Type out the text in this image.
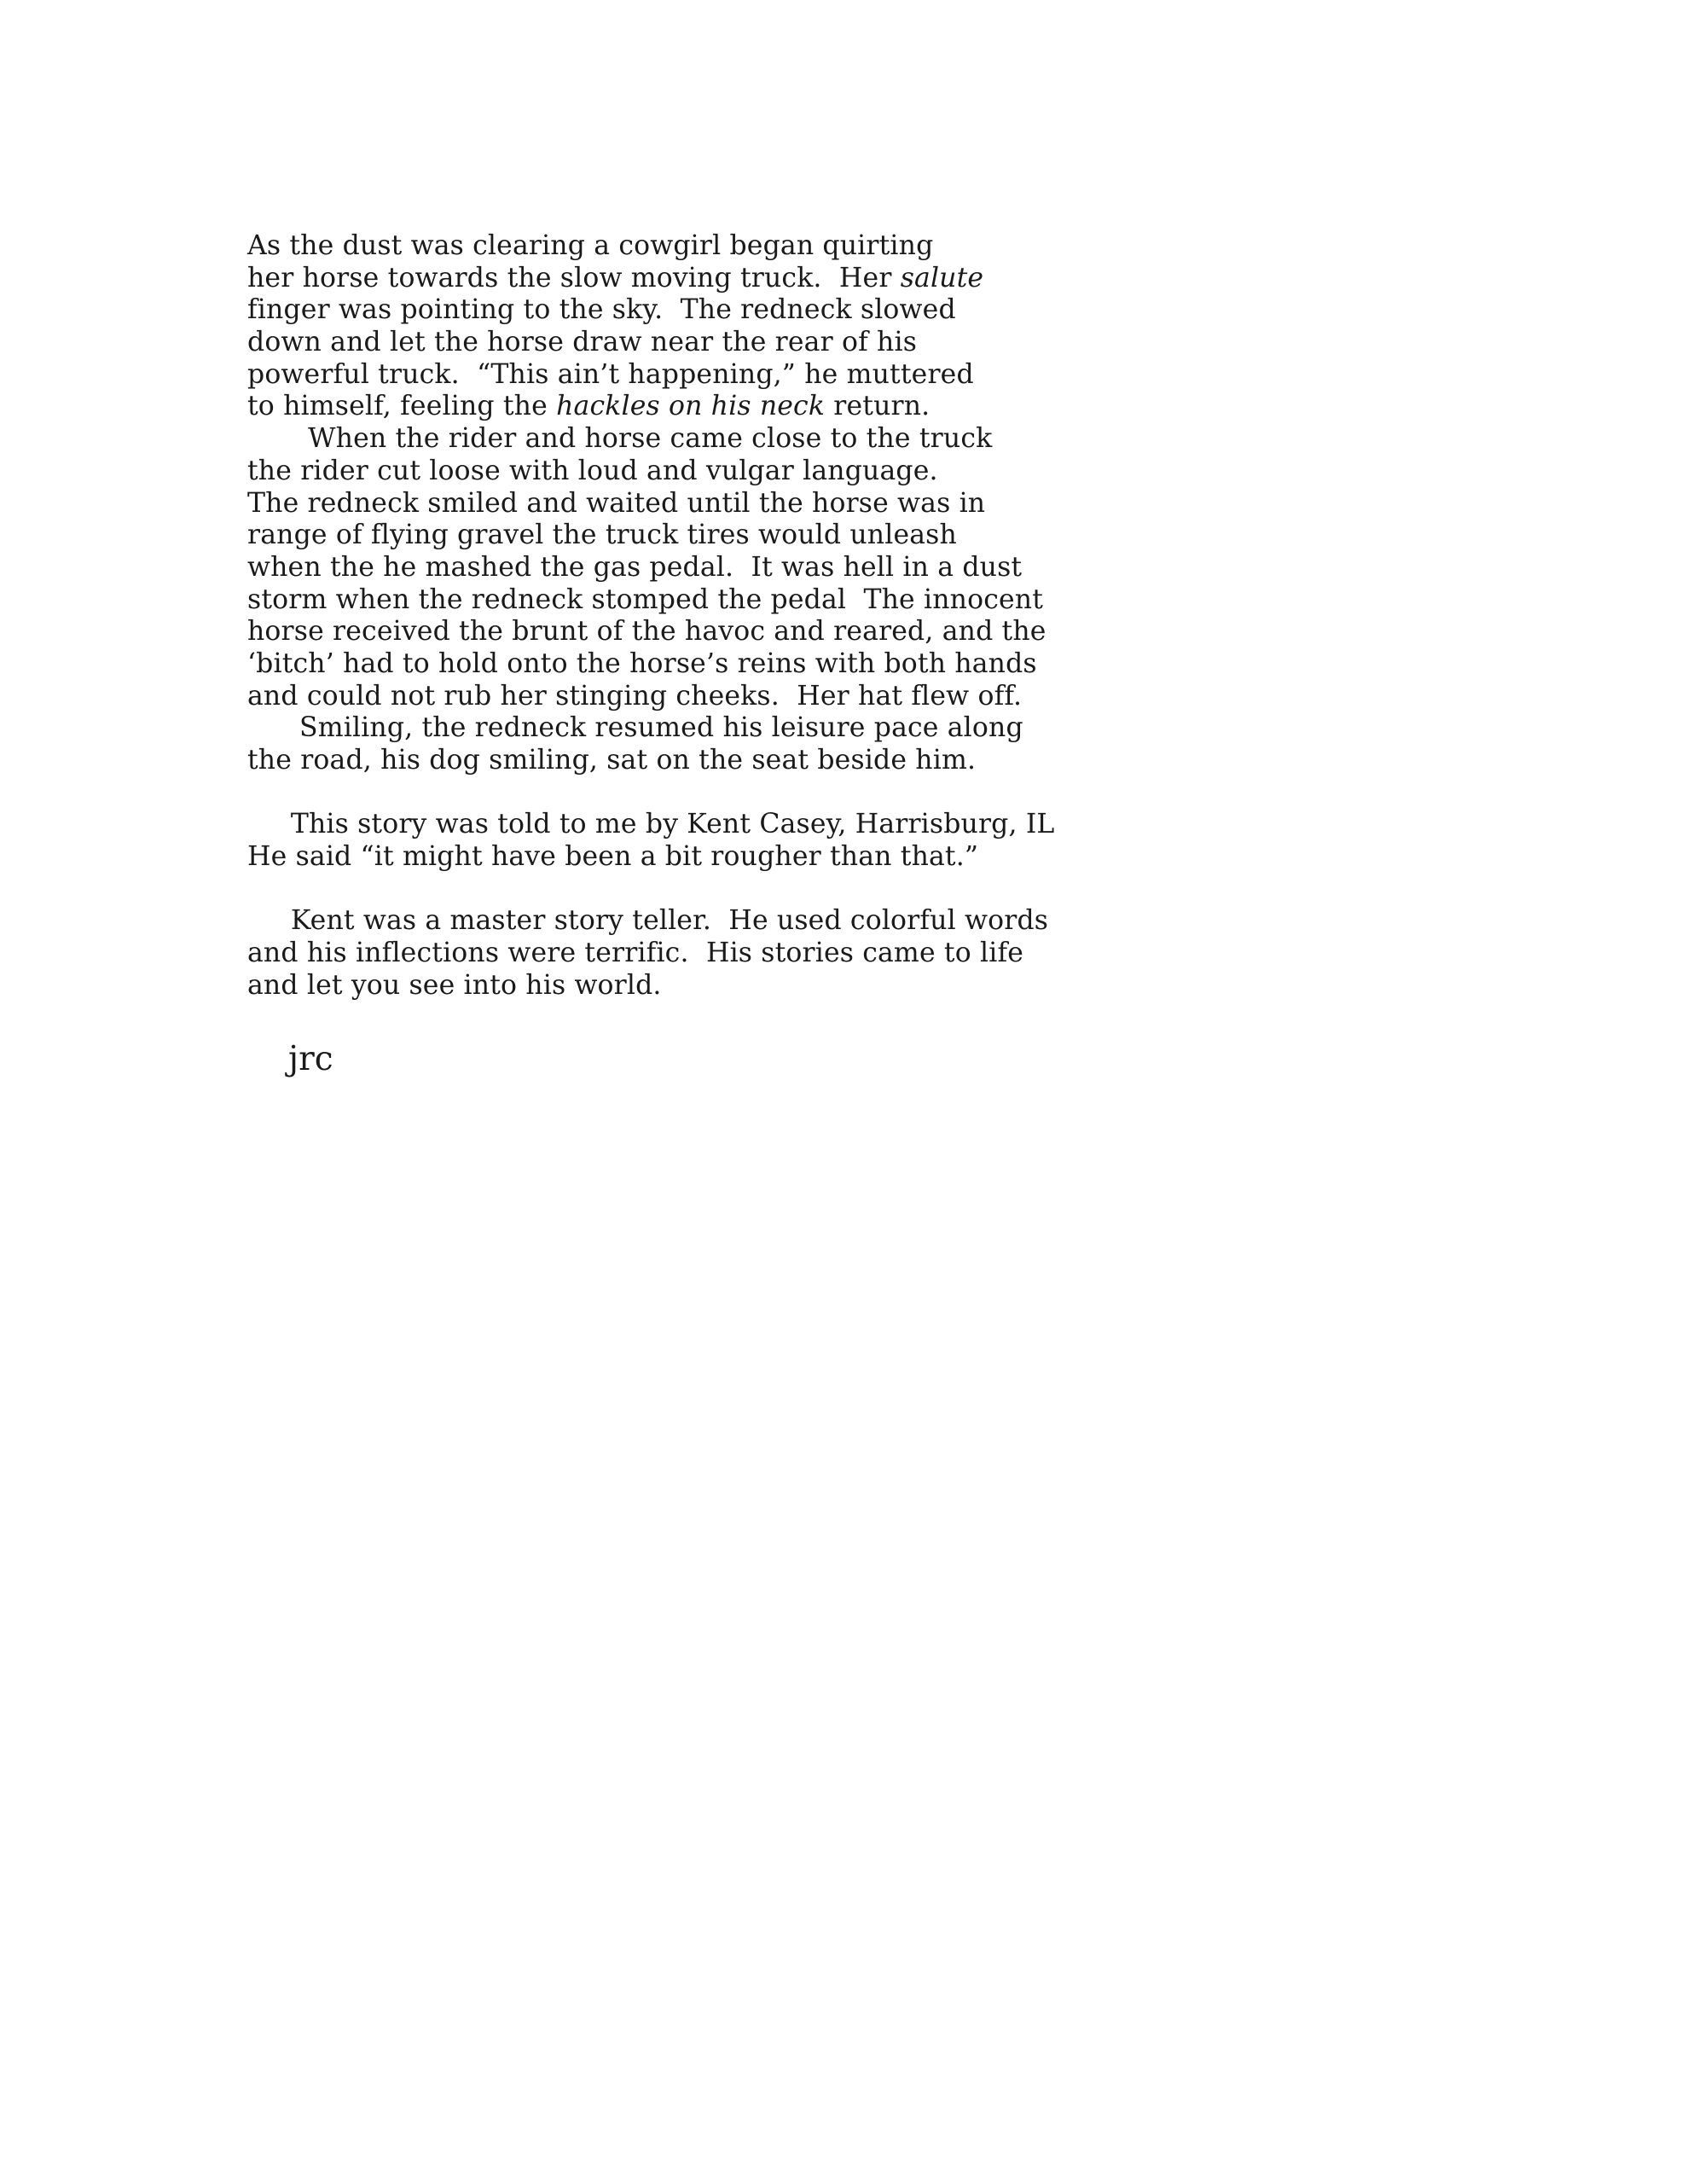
As the dust was clearing a cowgirl began quirting
her horse towards the slow moving truck.  Her salute
finger was pointing to the sky.  The redneck slowed
down and let the horse draw near the rear of his
powerful truck.  “This ain’t happening,” he muttered
to himself, feeling the hackles on his neck return.
When the rider and horse came close to the truck
the rider cut loose with loud and vulgar language.
The redneck smiled and waited until the horse was in
range of flying gravel the truck tires would unleash
when the he mashed the gas pedal.  It was hell in a dust
storm when the redneck stomped the pedal  The innocent
horse received the brunt of the havoc and reared, and the
‘bitch’ had to hold onto the horse’s reins with both hands
and could not rub her stinging cheeks.  Her hat flew off.
Smiling, the redneck resumed his leisure pace along
the road, his dog smiling, sat on the seat beside him.
This story was told to me by Kent Casey, Harrisburg, IL
He said “it might have been a bit rougher than that.”
Kent was a master story teller.  He used colorful words
and his inflections were terrific.  His stories came to life
and let you see into his world.
jrc
